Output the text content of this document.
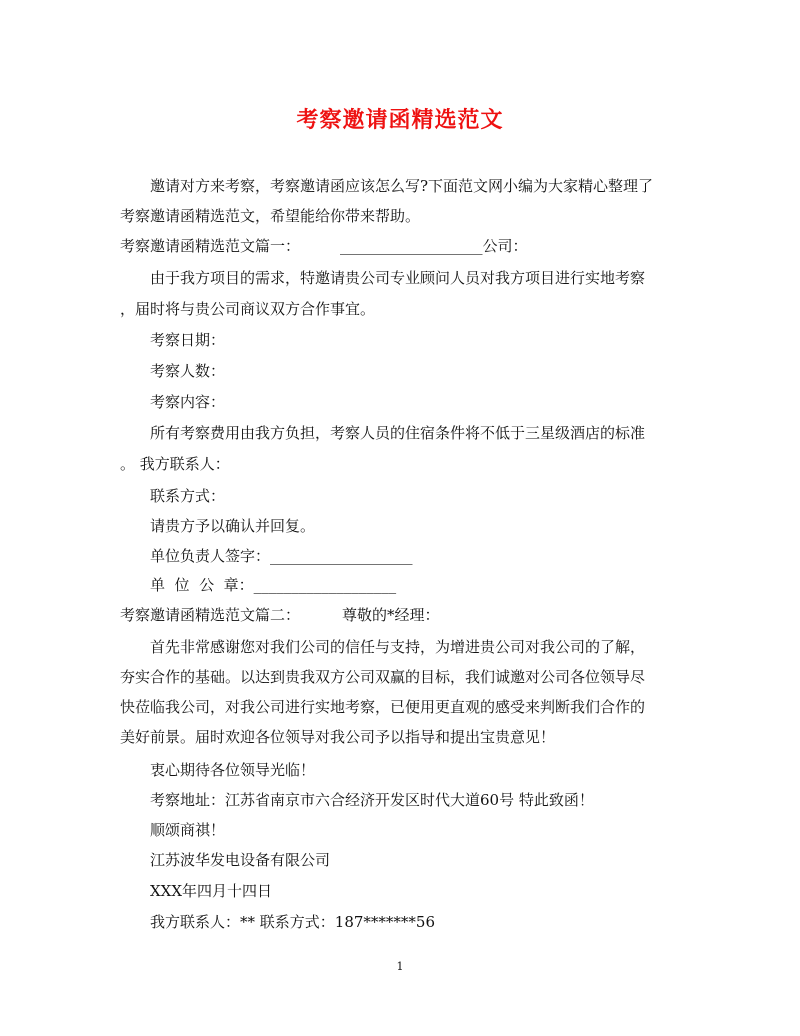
考察邀请函精选范文
邀请对方来考察，考察邀请函应该怎么写?下面范文网小编为大家精心整理了
考察邀请函精选范文，希望能给你带来帮助。
考察邀请函精选范文篇一：	___________________公司：
由于我方项目的需求，特邀请贵公司专业顾问人员对我方项目进行实地考察
，届时将与贵公司商议双方合作事宜。
考察日期：
考察人数：
考察内容：
所有考察费用由我方负担，考察人员的住宿条件将不低于三星级酒店的标准
。 我方联系人：
联系方式：
请贵方予以确认并回复。
单位负责人签字：___________________
单  位  公  章：___________________
考察邀请函精选范文篇二：	尊敬的*经理：
首先非常感谢您对我们公司的信任与支持，为增进贵公司对我公司的了解，
夯实合作的基础。以达到贵我双方公司双赢的目标，我们诚邀对公司各位领导尽
快莅临我公司，对我公司进行实地考察，已便用更直观的感受来判断我们合作的
美好前景。届时欢迎各位领导对我公司予以指导和提出宝贵意见！
衷心期待各位领导光临！
考察地址：江苏省南京市六合经济开发区时代大道60号 特此致函！
顺颂商祺！
江苏波华发电设备有限公司
XXX年四月十四日
我方联系人：** 联系方式：187*******56
1
